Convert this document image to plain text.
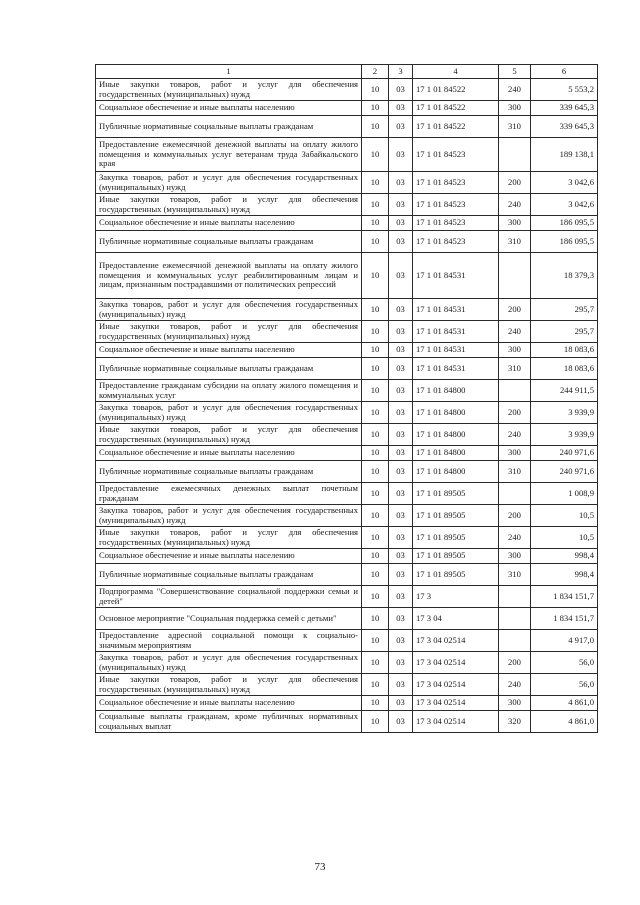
1	2	3	4	5	6
Иные закупки товаров, работ и услуг для обеспечения государственных (муниципальных) нужд	10	03	17 1 01 84522	240	5 553,2
Социальное обеспечение и иные выплаты населению	10	03	17 1 01 84522	300	339 645,3
Публичные нормативные социальные выплаты гражданам	10	03	17 1 01 84522	310	339 645,3
Предоставление ежемесячной денежной выплаты на оплату жилого помещения и коммунальных услуг ветеранам труда Забайкальского края	10	03	17 1 01 84523		189 138,1
Закупка товаров, работ и услуг для обеспечения государственных (муниципальных) нужд	10	03	17 1 01 84523	200	3 042,6
Иные закупки товаров, работ и услуг для обеспечения государственных (муниципальных) нужд	10	03	17 1 01 84523	240	3 042,6
Социальное обеспечение и иные выплаты населению	10	03	17 1 01 84523	300	186 095,5
Публичные нормативные социальные выплаты гражданам	10	03	17 1 01 84523	310	186 095,5
Предоставление ежемесячной денежной выплаты на оплату жилого помещения и коммунальных услуг реабилитированным лицам и лицам, признанным пострадавшими от политических репрессий	10	03	17 1 01 84531		18 379,3
Закупка товаров, работ и услуг для обеспечения государственных (муниципальных) нужд	10	03	17 1 01 84531	200	295,7
Иные закупки товаров, работ и услуг для обеспечения государственных (муниципальных) нужд	10	03	17 1 01 84531	240	295,7
Социальное обеспечение и иные выплаты населению	10	03	17 1 01 84531	300	18 083,6
Публичные нормативные социальные выплаты гражданам	10	03	17 1 01 84531	310	18 083,6
Предоставление гражданам субсидии на оплату жилого помещения и коммунальных услуг	10	03	17 1 01 84800		244 911,5
Закупка товаров, работ и услуг для обеспечения государственных (муниципальных) нужд	10	03	17 1 01 84800	200	3 939,9
Иные закупки товаров, работ и услуг для обеспечения государственных (муниципальных) нужд	10	03	17 1 01 84800	240	3 939,9
Социальное обеспечение и иные выплаты населению	10	03	17 1 01 84800	300	240 971,6
Публичные нормативные социальные выплаты гражданам	10	03	17 1 01 84800	310	240 971,6
Предоставление ежемесячных денежных выплат почетным гражданам	10	03	17 1 01 89505		1 008,9
Закупка товаров, работ и услуг для обеспечения государственных (муниципальных) нужд	10	03	17 1 01 89505	200	10,5
Иные закупки товаров, работ и услуг для обеспечения государственных (муниципальных) нужд	10	03	17 1 01 89505	240	10,5
Социальное обеспечение и иные выплаты населению	10	03	17 1 01 89505	300	998,4
Публичные нормативные социальные выплаты гражданам	10	03	17 1 01 89505	310	998,4
Подпрограмма "Совершенствование социальной поддержки семьи и детей"	10	03	17 3		1 834 151,7
Основное мероприятие "Социальная поддержка семей с детьми"	10	03	17 3 04		1 834 151,7
Предоставление адресной социальной помощи к социально-значимым мероприятиям	10	03	17 3 04 02514		4 917,0
Закупка товаров, работ и услуг для обеспечения государственных (муниципальных) нужд	10	03	17 3 04 02514	200	56,0
Иные закупки товаров, работ и услуг для обеспечения государственных (муниципальных) нужд	10	03	17 3 04 02514	240	56,0
Социальное обеспечение и иные выплаты населению	10	03	17 3 04 02514	300	4 861,0
Социальные выплаты гражданам, кроме публичных нормативных социальных выплат	10	03	17 3 04 02514	320	4 861,0
73
